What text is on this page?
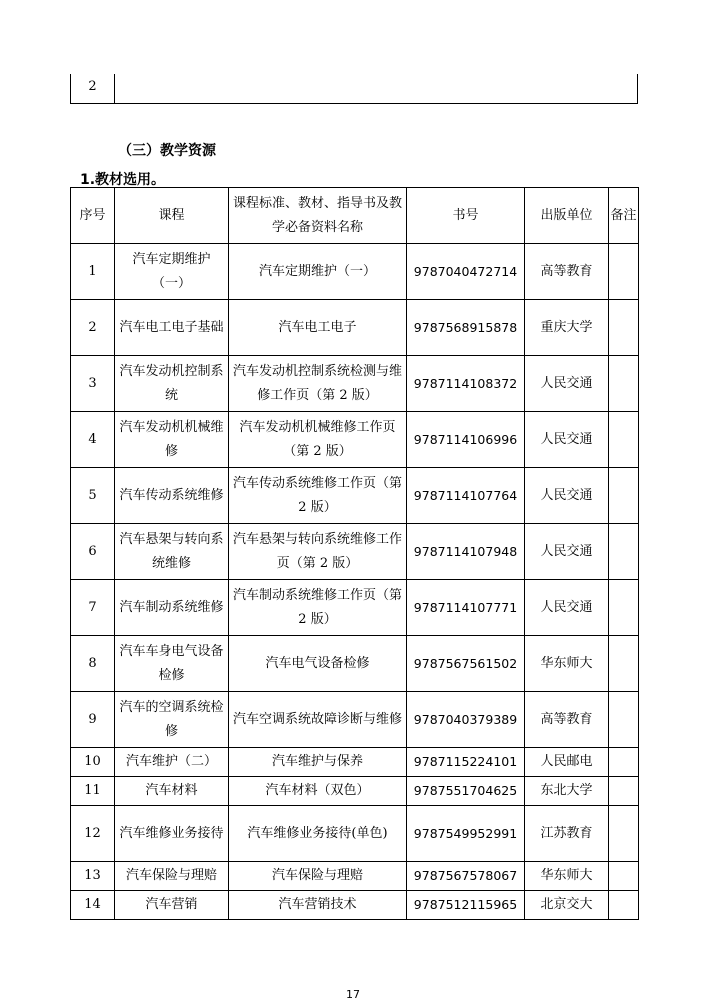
2
（三）教学资源
1.教材选用。
序号	课程	课程标准、教材、指导书及教学必备资料名称	书号	出版单位	备注
1	汽车定期维护（一）	汽车定期维护（一）	9787040472714	高等教育	
2	汽车电工电子基础	汽车电工电子	9787568915878	重庆大学	
3	汽车发动机控制系统	汽车发动机控制系统检测与维修工作页（第 2 版）	9787114108372	人民交通	
4	汽车发动机机械维修	汽车发动机机械维修工作页（第 2 版）	9787114106996	人民交通	
5	汽车传动系统维修	汽车传动系统维修工作页（第 2 版）	9787114107764	人民交通	
6	汽车悬架与转向系统维修	汽车悬架与转向系统维修工作页（第 2 版）	9787114107948	人民交通	
7	汽车制动系统维修	汽车制动系统维修工作页（第 2 版）	9787114107771	人民交通	
8	汽车车身电气设备检修	汽车电气设备检修	9787567561502	华东师大	
9	汽车的空调系统检修	汽车空调系统故障诊断与维修	9787040379389	高等教育	
10	汽车维护（二）	汽车维护与保养	9787115224101	人民邮电	
11	汽车材料	汽车材料（双色）	9787551704625	东北大学	
12	汽车维修业务接待	汽车维修业务接待(单色)	9787549952991	江苏教育	
13	汽车保险与理赔	汽车保险与理赔	9787567578067	华东师大	
14	汽车营销	汽车营销技术	9787512115965	北京交大	
17
